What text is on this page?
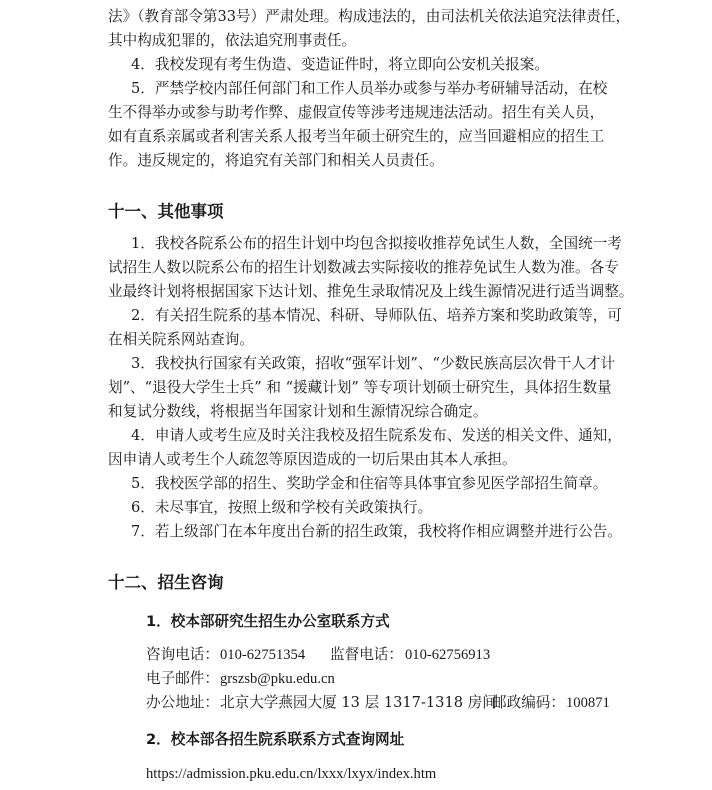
法》（教育部令第33号）严肃处理。构成违法的，由司法机关依法追究法律责任，
其中构成犯罪的，依法追究刑事责任。
4．我校发现有考生伪造、变造证件时，将立即向公安机关报案。
5．严禁学校内部任何部门和工作人员举办或参与举办考研辅导活动，在校
生不得举办或参与助考作弊、虚假宣传等涉考违规违法活动。招生有关人员，
如有直系亲属或者利害关系人报考当年硕士研究生的，应当回避相应的招生工
作。违反规定的，将追究有关部门和相关人员责任。
十一、其他事项
1．我校各院系公布的招生计划中均包含拟接收推荐免试生人数，全国统一考
试招生人数以院系公布的招生计划数减去实际接收的推荐免试生人数为准。各专
业最终计划将根据国家下达计划、推免生录取情况及上线生源情况进行适当调整。
2．有关招生院系的基本情况、科研、导师队伍、培养方案和奖助政策等，可
在相关院系网站查询。
3．我校执行国家有关政策，招收“强军计划”、“少数民族高层次骨干人才计
划”、“退役大学生士兵” 和 “援藏计划” 等专项计划硕士研究生，具体招生数量
和复试分数线，将根据当年国家计划和生源情况综合确定。
4．申请人或考生应及时关注我校及招生院系发布、发送的相关文件、通知，
因申请人或考生个人疏忽等原因造成的一切后果由其本人承担。
5．我校医学部的招生、奖助学金和住宿等具体事宜参见医学部招生简章。
6．未尽事宜，按照上级和学校有关政策执行。
7．若上级部门在本年度出台新的招生政策，我校将作相应调整并进行公告。
十二、招生咨询
1．校本部研究生招生办公室联系方式
咨询电话： 010-62751354 监督电话： 010-62756913
电子邮件： grszsb@pku.edu.cn
办公地址： 北京大学燕园大厦 13 层 1317-1318 房间
邮政编码： 100871
2．校本部各招生院系联系方式查询网址
https://admission.pku.edu.cn/lxxx/lxyx/index.htm
